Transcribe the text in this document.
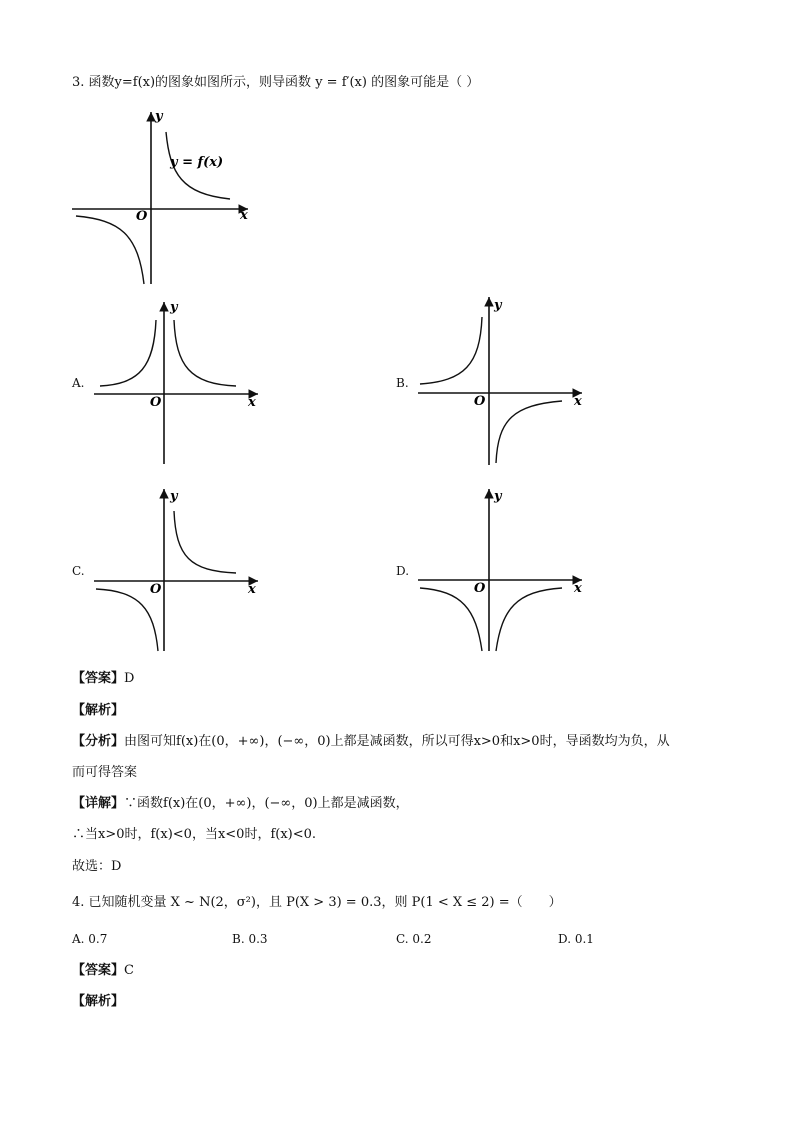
3. 函数y=f(x)的图象如图所示，则导函数 y = f′(x) 的图象可能是（ ）
y
x
O
y = f(x)
A.
y
x
O
B.
y
x
O
C.
y
x
O
D.
y
x
O
【答案】D
【解析】
【分析】由图可知f(x)在(0，+∞)，(−∞，0)上都是减函数，所以可得x>0和x>0时，导函数均为负，从
而可得答案
【详解】∵函数f(x)在(0，+∞)，(−∞，0)上都是减函数，
∴当x>0时，f(x)<0，当x<0时，f(x)<0.
故选：D
4. 已知随机变量 X ~ N(2，σ²)，且 P(X > 3) = 0.3，则 P(1 < X ≤ 2) =（　　）
A. 0.7	B. 0.3	C. 0.2	D. 0.1
【答案】C
【解析】
